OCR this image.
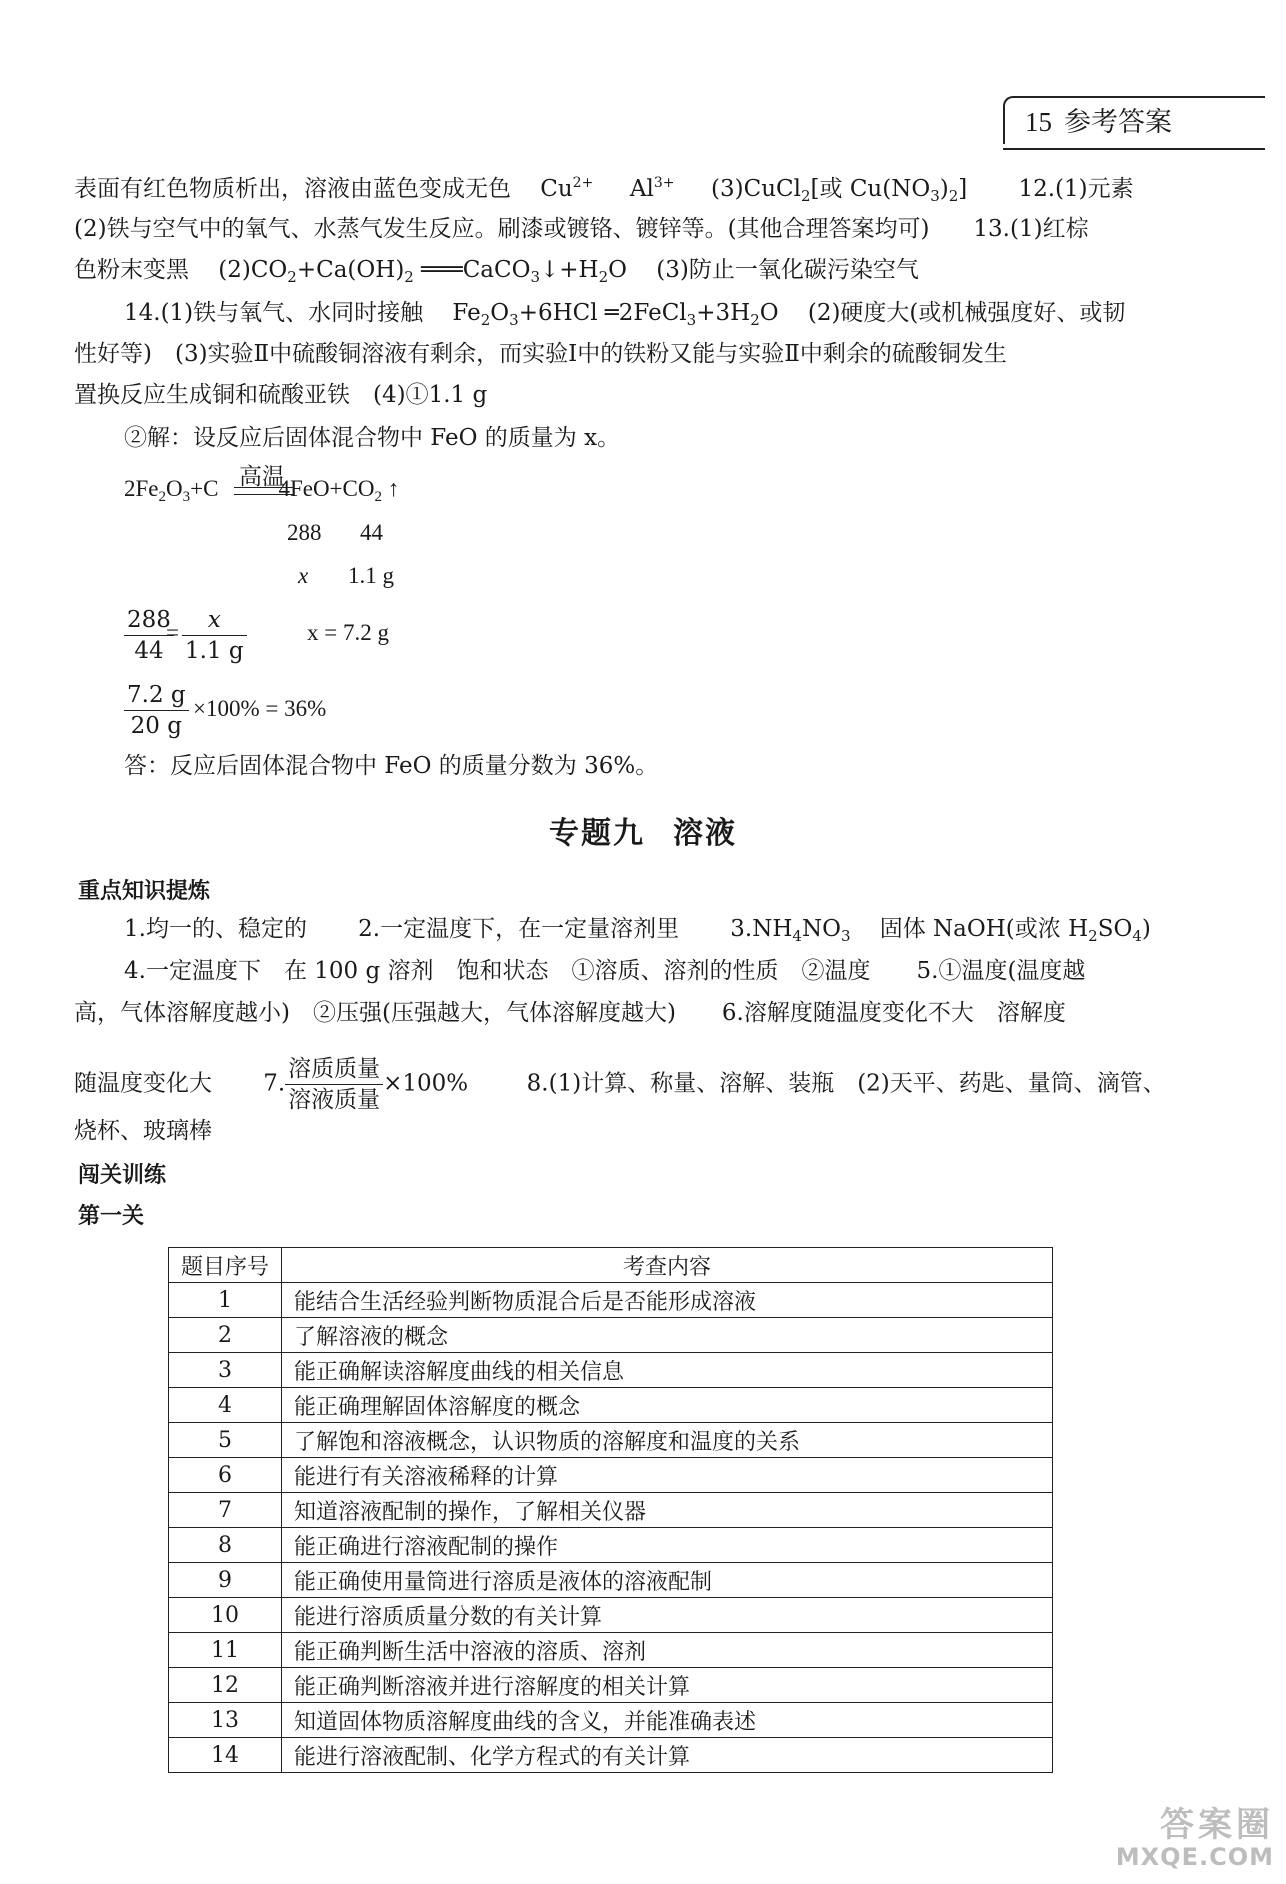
15 参考答案
表面有红色物质析出，溶液由蓝色变成无色 $Cu^{2+}$ $Al^{3+}$ (3)CuCl$_2$[或 $Cu(NO_3)_2$]       12.(1)元素
(2)铁与空气中的氧气、水蒸气发生反应。刷漆或镀铬、镀锌等。(其他合理答案均可) 13.(1)红棕
色粉末变黑 $(2)CO_2+Ca(OH)_2$ $═══CaCO_3↓+H_2O$ (3)防止一氧化碳污染空气
14.(1)铁与氧气、水同时接触 $Fe_2O_3+6HCl$ $═2FeCl_3+3H_2O$ (2)硬度大(或机械强度好、或韧
性好等)　(3)实验Ⅱ中硫酸铜溶液有剩余，而实验Ⅰ中的铁粉又能与实验Ⅱ中剩余的硫酸铜发生
置换反应生成铜和硫酸亚铁　(4)①1.1 g
②解：设反应后固体混合物中 FeO 的质量为 x。
$2Fe_2O_3+C$	$4FeO+CO_2$ ↑
高温
288 44
x 1.1 g
$\frac{288}{44}$
= $\frac{x}{1.1 g}$	x = 7.2 g
$\frac{7.2 g}{20 g} \times 100\% = 36\%$
答：反应后固体混合物中 FeO 的质量分数为 36%。
专题九 溶液
重点知识提炼
1.均一的、稳定的 2.一定温度下，在一定量溶剂里 $3.NH_4NO_3$ 固体 NaOH(或浓 $H_2SO_4$)
4.一定温度下　在 100 g 溶剂　饱和状态　①溶质、溶剂的性质　②温度　　5.①温度(温度越
高，气体溶解度越小)　②压强(压强越大，气体溶解度越大)　　6.溶解度随温度变化不大　溶解度
随温度变化大 7. $\frac{\text{溶质质量}}{\text{溶液质量}} \times 100\%$	8.(1)计算、称量、溶解、装瓶　(2)天平、药匙、量筒、滴管、
烧杯、玻璃棒
闯关训练
第一关
题目序号	考查内容
1	能结合生活经验判断物质混合后是否能形成溶液
2	了解溶液的概念
3	能正确解读溶解度曲线的相关信息
4	能正确理解固体溶解度的概念
5	了解饱和溶液概念，认识物质的溶解度和温度的关系
6	能进行有关溶液稀释的计算
7	知道溶液配制的操作，了解相关仪器
8	能正确进行溶液配制的操作
9	能正确使用量筒进行溶质是液体的溶液配制
10	能进行溶质质量分数的有关计算
11	能正确判断生活中溶液的溶质、溶剂
12	能正确判断溶液并进行溶解度的相关计算
13	知道固体物质溶解度曲线的含义，并能准确表述
14	能进行溶液配制、化学方程式的有关计算
答案圈
MXQE.COM
